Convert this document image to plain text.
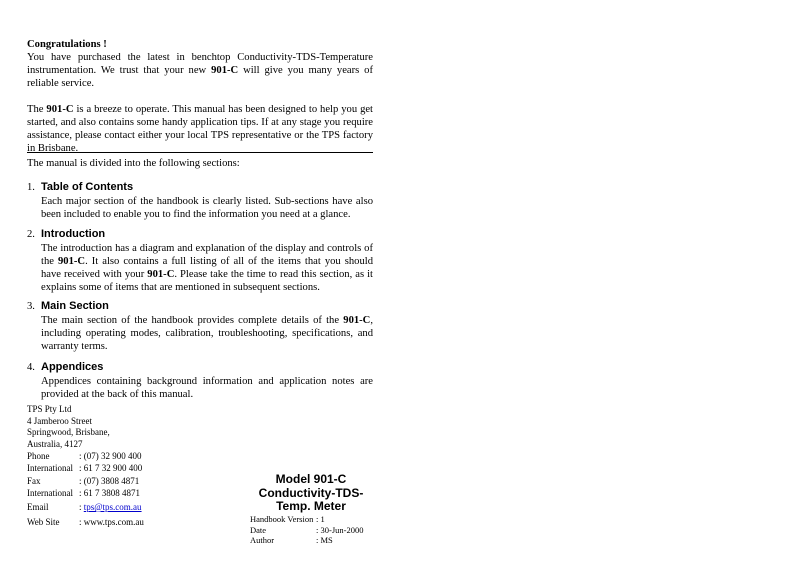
Congratulations !

You have purchased the latest in benchtop Conductivity-TDS-Temperature instrumentation. We trust that your new 901-C will give you many years of reliable service.

The 901-C is a breeze to operate. This manual has been designed to help you get started, and also contains some handy application tips. If at any stage you require assistance, please contact either your local TPS representative or the TPS factory in Brisbane.

The manual is divided into the following sections:
1. Table of Contents
Each major section of the handbook is clearly listed. Sub-sections have also been included to enable you to find the information you need at a glance.
2. Introduction
The introduction has a diagram and explanation of the display and controls of the 901-C. It also contains a full listing of all of the items that you should have received with your 901-C. Please take the time to read this section, as it explains some of items that are mentioned in subsequent sections.
3. Main Section
The main section of the handbook provides complete details of the 901-C, including operating modes, calibration, troubleshooting, specifications, and warranty terms.
4. Appendices
Appendices containing background information and application notes are provided at the back of this manual.
TPS Pty Ltd
4 Jamberoo Street
Springwood, Brisbane,
Australia, 4127
Phone	: (07) 32 900 400
International : 61 7 32 900 400
Fax	: (07) 3808 4871
International : 61 7 3808 4871
Email	: tps@tps.com.au
Web Site : www.tps.com.au
Model 901-C
Conductivity-TDS-
Temp. Meter
Handbook Version : 1
Date	: 30-Jun-2000
Author	: MS
